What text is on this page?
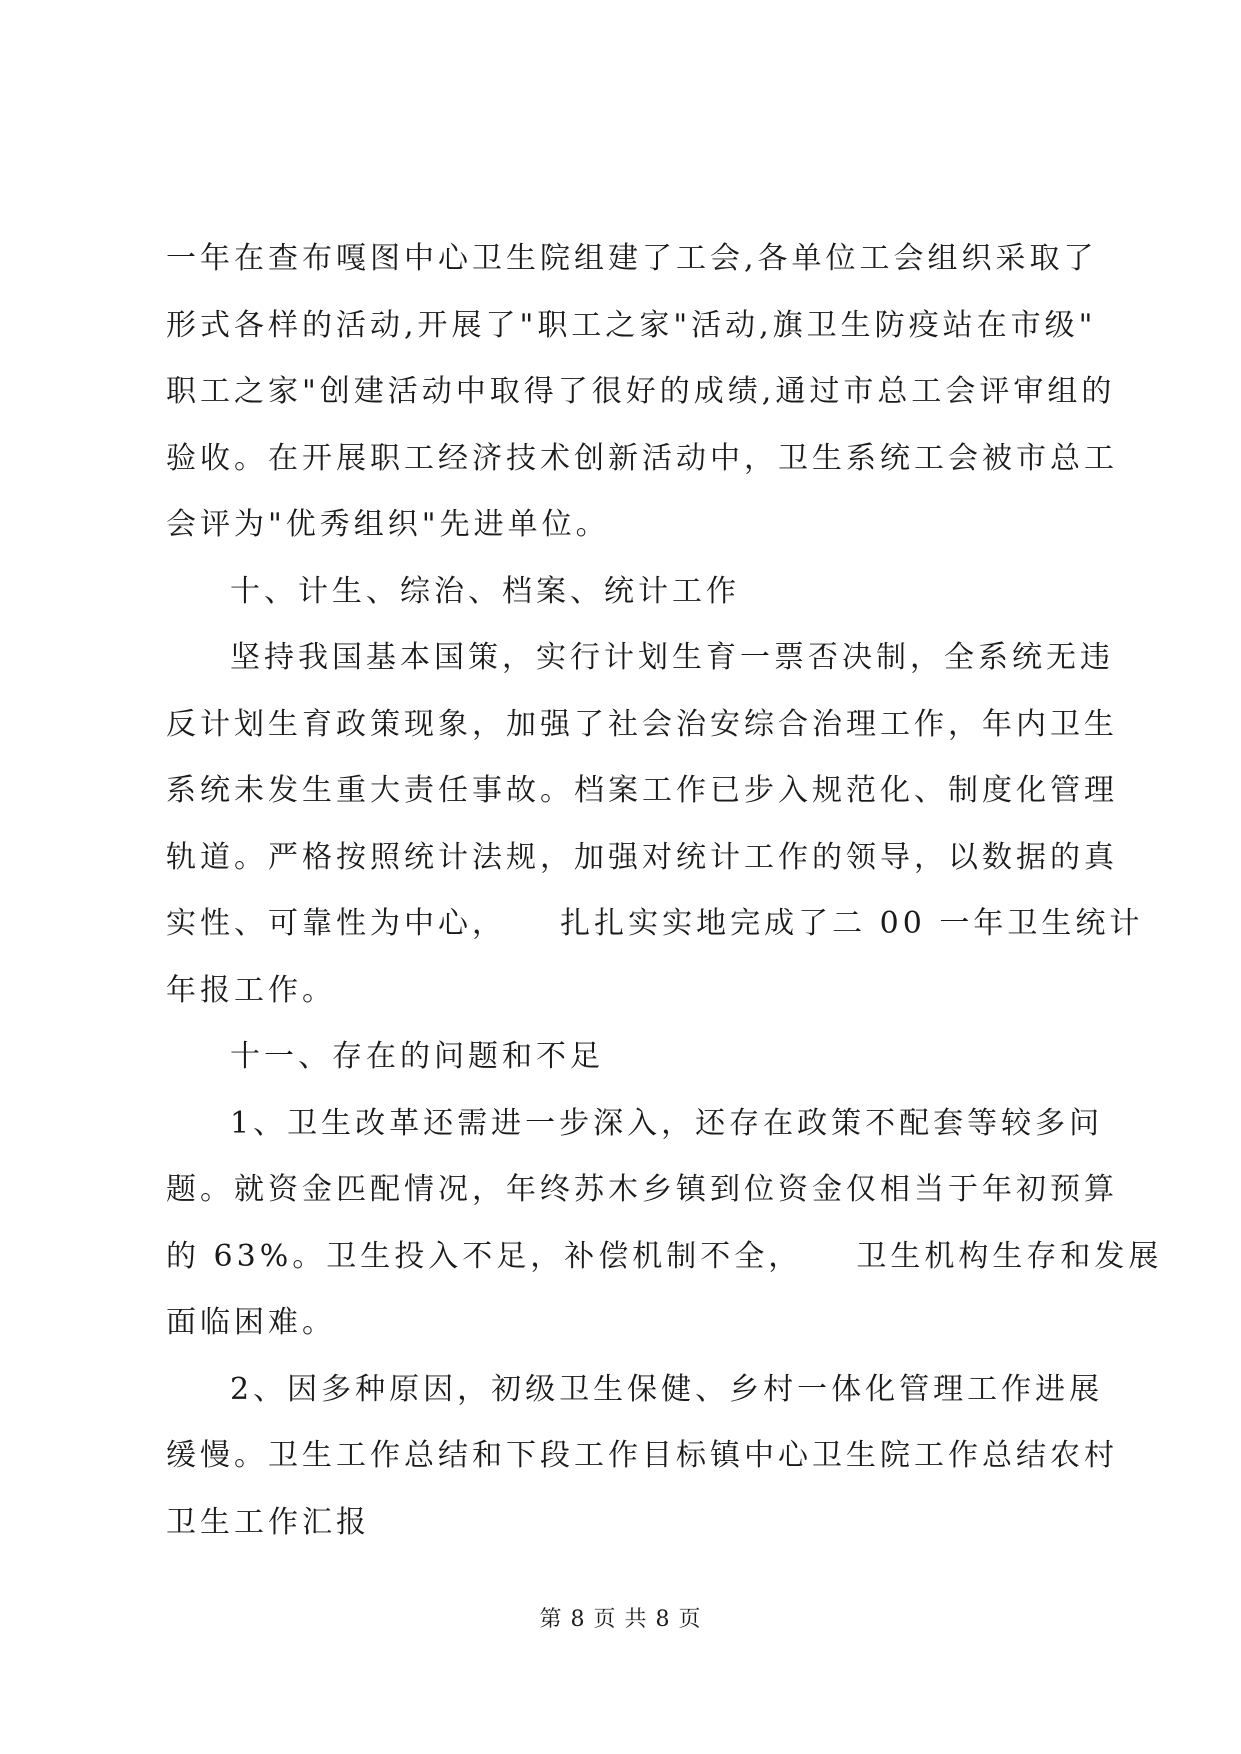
一年在查布嘎图中心卫生院组建了工会,各单位工会组织采取了
形式各样的活动,开展了"职工之家"活动,旗卫生防疫站在市级"
职工之家"创建活动中取得了很好的成绩,通过市总工会评审组的
验收。在开展职工经济技术创新活动中，卫生系统工会被市总工
会评为"优秀组织"先进单位。
十、计生、综治、档案、统计工作
坚持我国基本国策，实行计划生育一票否决制，全系统无违
反计划生育政策现象，加强了社会治安综合治理工作，年内卫生
系统未发生重大责任事故。档案工作已步入规范化、制度化管理
轨道。严格按照统计法规，加强对统计工作的领导，以数据的真
实性、可靠性为中心，    扎扎实实地完成了二 00 一年卫生统计
年报工作。
十一、存在的问题和不足
1、卫生改革还需进一步深入，还存在政策不配套等较多问
题。就资金匹配情况，年终苏木乡镇到位资金仅相当于年初预算
的 63%。卫生投入不足，补偿机制不全，    卫生机构生存和发展
面临困难。
2、因多种原因，初级卫生保健、乡村一体化管理工作进展
缓慢。卫生工作总结和下段工作目标镇中心卫生院工作总结农村
卫生工作汇报
第 8 页 共 8 页
